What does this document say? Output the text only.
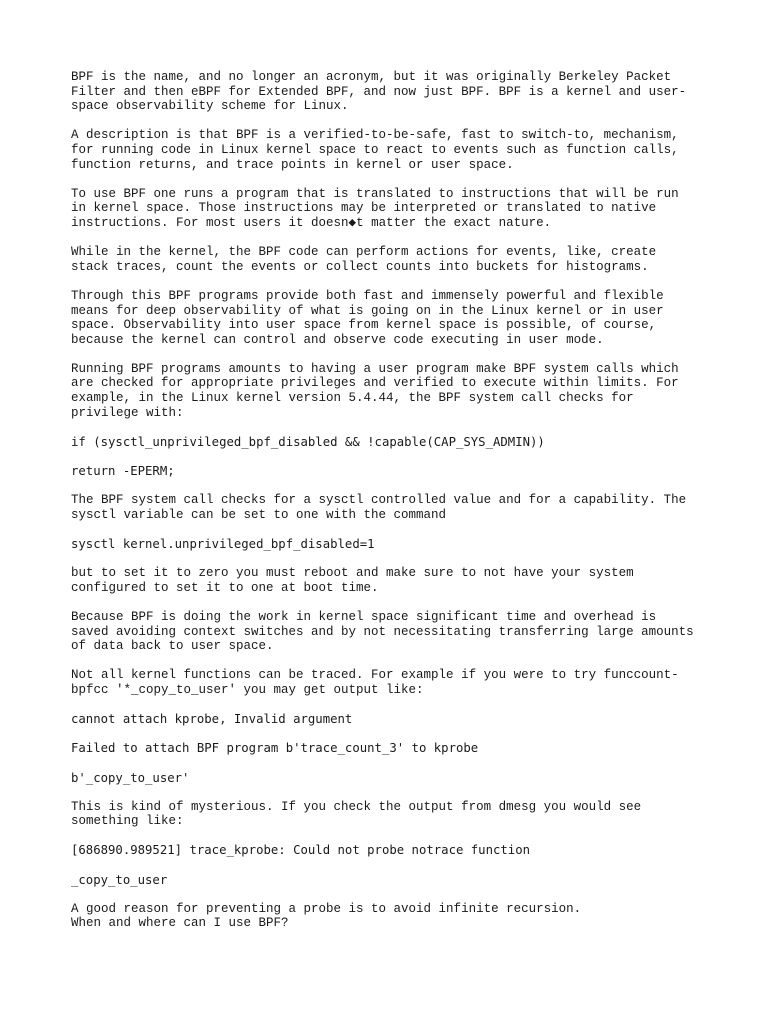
BPF is the name, and no longer an acronym, but it was originally Berkeley Packet
Filter and then eBPF for Extended BPF, and now just BPF. BPF is a kernel and user-
space observability scheme for Linux.

A description is that BPF is a verified-to-be-safe, fast to switch-to, mechanism,
for running code in Linux kernel space to react to events such as function calls,
function returns, and trace points in kernel or user space.

To use BPF one runs a program that is translated to instructions that will be run
in kernel space. Those instructions may be interpreted or translated to native
instructions. For most users it doesn◆t matter the exact nature.

While in the kernel, the BPF code can perform actions for events, like, create
stack traces, count the events or collect counts into buckets for histograms.

Through this BPF programs provide both fast and immensely powerful and flexible
means for deep observability of what is going on in the Linux kernel or in user
space. Observability into user space from kernel space is possible, of course,
because the kernel can control and observe code executing in user mode.

Running BPF programs amounts to having a user program make BPF system calls which
are checked for appropriate privileges and verified to execute within limits. For
example, in the Linux kernel version 5.4.44, the BPF system call checks for
privilege with:

if (sysctl_unprivileged_bpf_disabled && !capable(CAP_SYS_ADMIN))

return -EPERM;

The BPF system call checks for a sysctl controlled value and for a capability. The
sysctl variable can be set to one with the command

sysctl kernel.unprivileged_bpf_disabled=1

but to set it to zero you must reboot and make sure to not have your system
configured to set it to one at boot time.

Because BPF is doing the work in kernel space significant time and overhead is
saved avoiding context switches and by not necessitating transferring large amounts
of data back to user space.

Not all kernel functions can be traced. For example if you were to try funccount-
bpfcc '*_copy_to_user' you may get output like:

cannot attach kprobe, Invalid argument

Failed to attach BPF program b'trace_count_3' to kprobe

b'_copy_to_user'

This is kind of mysterious. If you check the output from dmesg you would see
something like:

[686890.989521] trace_kprobe: Could not probe notrace function

_copy_to_user

A good reason for preventing a probe is to avoid infinite recursion.

When and where can I use BPF?
